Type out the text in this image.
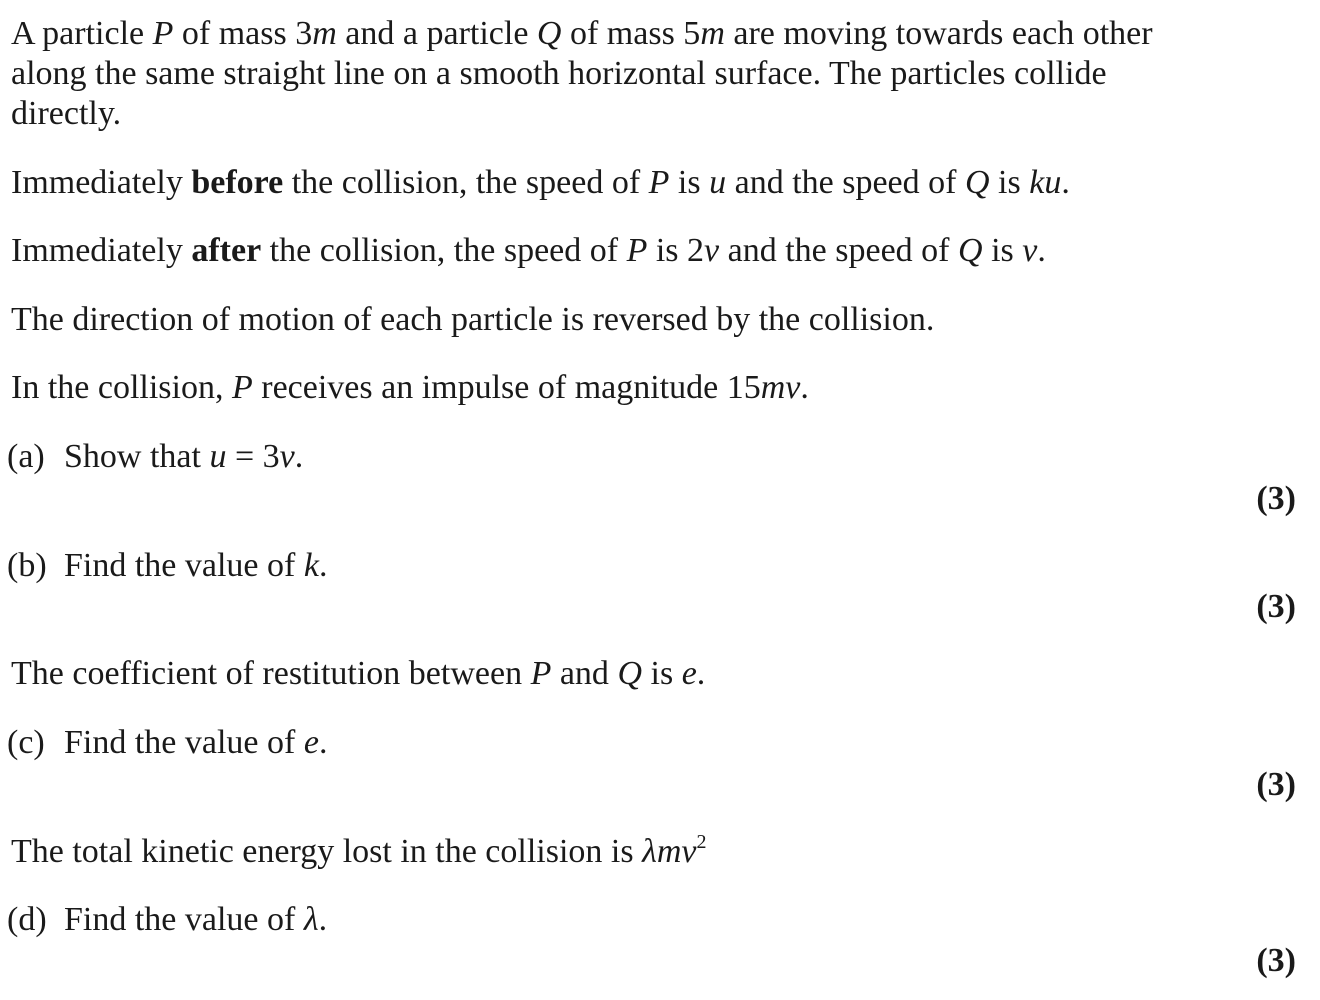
A particle P of mass 3m and a particle Q of mass 5m are moving towards each other
along the same straight line on a smooth horizontal surface. The particles collide
directly.
Immediately before the collision, the speed of P is u and the speed of Q is ku.
Immediately after the collision, the speed of P is 2v and the speed of Q is v.
The direction of motion of each particle is reversed by the collision.
In the collision, P receives an impulse of magnitude 15mv.
(a) Show that u = 3v.
(3)
(b) Find the value of k.
(3)
The coefficient of restitution between P and Q is e.
(c) Find the value of e.
(3)
The total kinetic energy lost in the collision is λmv$^2$
(d) Find the value of λ.
(3)
